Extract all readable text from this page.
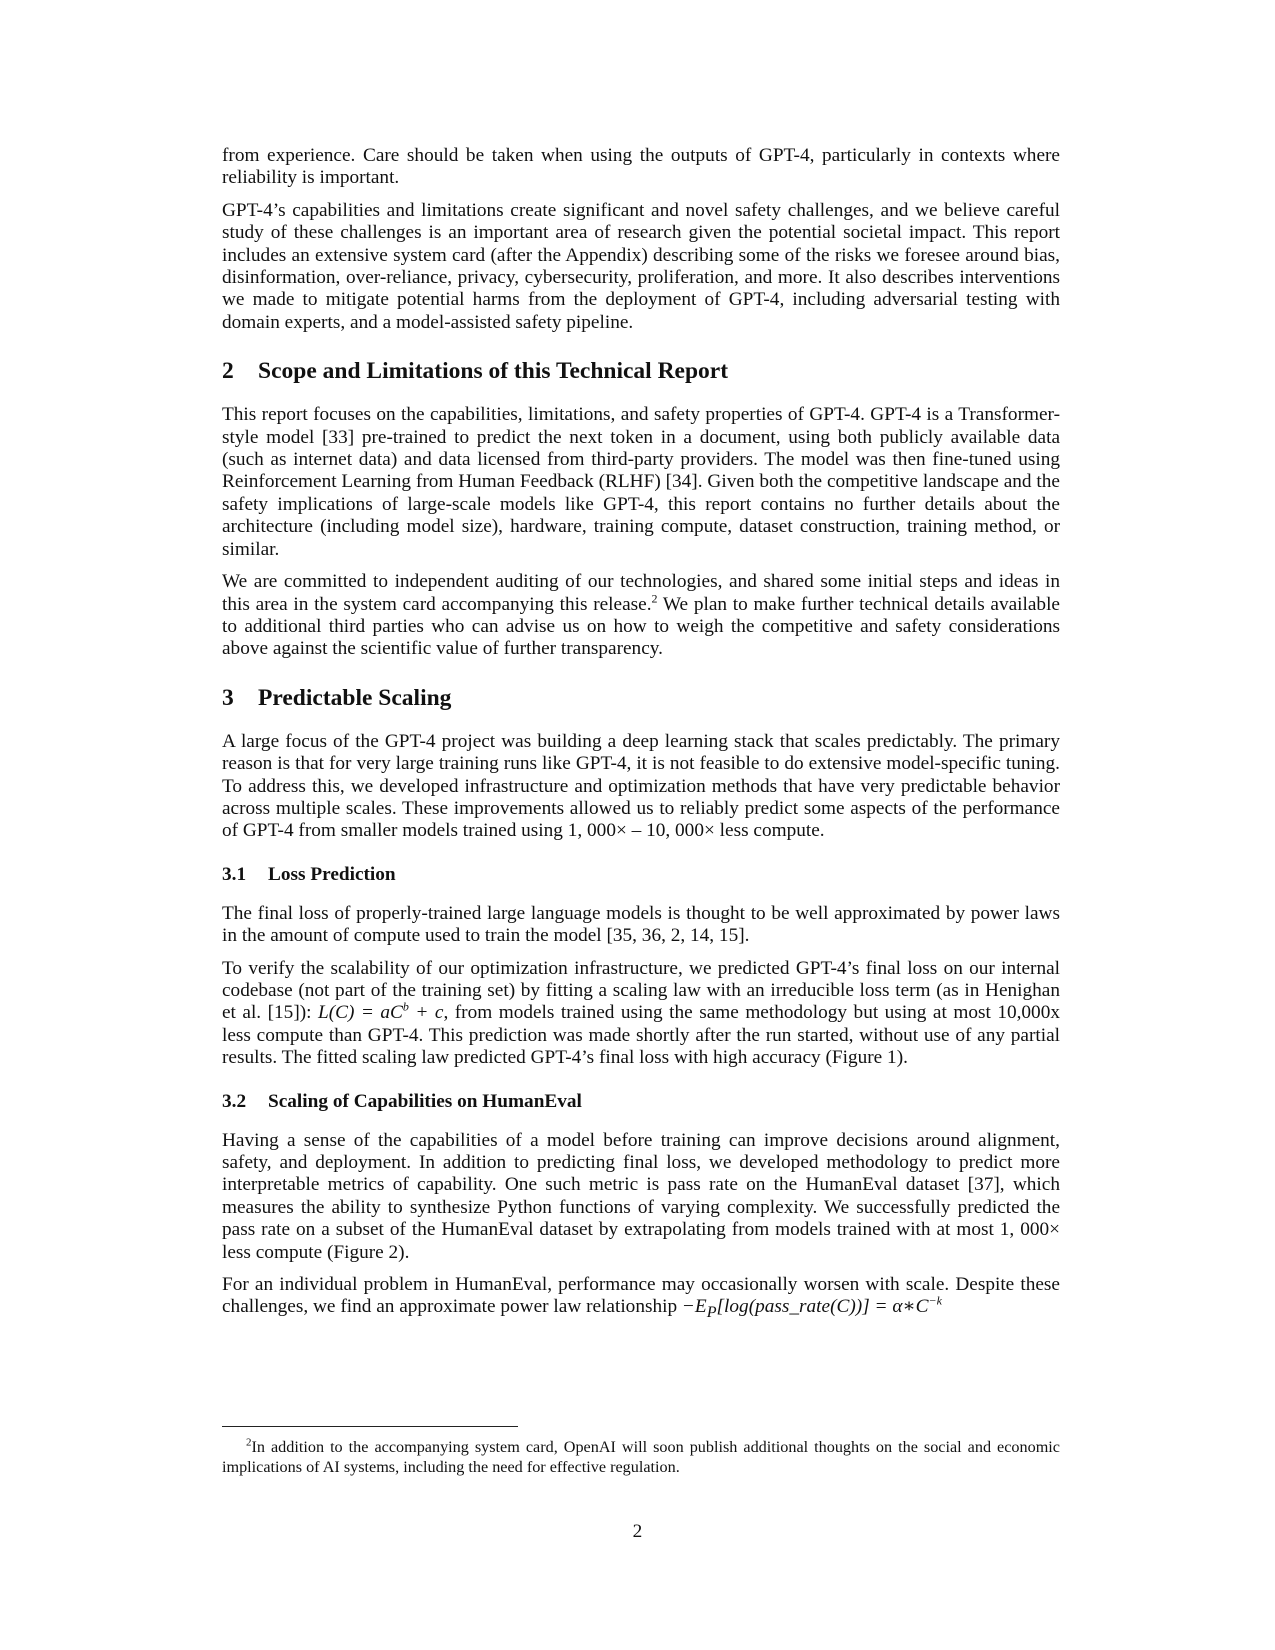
from experience. Care should be taken when using the outputs of GPT-4, particularly in contexts where reliability is important.

GPT-4’s capabilities and limitations create significant and novel safety challenges, and we believe careful study of these challenges is an important area of research given the potential societal impact. This report includes an extensive system card (after the Appendix) describing some of the risks we foresee around bias, disinformation, over-reliance, privacy, cybersecurity, proliferation, and more. It also describes interventions we made to mitigate potential harms from the deployment of GPT-4, including adversarial testing with domain experts, and a model-assisted safety pipeline.

2 Scope and Limitations of this Technical Report

This report focuses on the capabilities, limitations, and safety properties of GPT-4. GPT-4 is a Transformer-style model [33] pre-trained to predict the next token in a document, using both publicly available data (such as internet data) and data licensed from third-party providers. The model was then fine-tuned using Reinforcement Learning from Human Feedback (RLHF) [34]. Given both the competitive landscape and the safety implications of large-scale models like GPT-4, this report contains no further details about the architecture (including model size), hardware, training compute, dataset construction, training method, or similar.

We are committed to independent auditing of our technologies, and shared some initial steps and ideas in this area in the system card accompanying this release.$^2$ We plan to make further technical details available to additional third parties who can advise us on how to weigh the competitive and safety considerations above against the scientific value of further transparency.

3 Predictable Scaling

A large focus of the GPT-4 project was building a deep learning stack that scales predictably. The primary reason is that for very large training runs like GPT-4, it is not feasible to do extensive model-specific tuning. To address this, we developed infrastructure and optimization methods that have very predictable behavior across multiple scales. These improvements allowed us to reliably predict some aspects of the performance of GPT-4 from smaller models trained using 1, 000× – 10, 000× less compute.

3.1 Loss Prediction

The final loss of properly-trained large language models is thought to be well approximated by power laws in the amount of compute used to train the model [35, 36, 2, 14, 15].

To verify the scalability of our optimization infrastructure, we predicted GPT-4’s final loss on our internal codebase (not part of the training set) by fitting a scaling law with an irreducible loss term (as in Henighan et al. [15]): $L(C) = aC^b + c$, from models trained using the same methodology but using at most 10,000x less compute than GPT-4. This prediction was made shortly after the run started, without use of any partial results. The fitted scaling law predicted GPT-4’s final loss with high accuracy (Figure 1).

3.2 Scaling of Capabilities on HumanEval

Having a sense of the capabilities of a model before training can improve decisions around alignment, safety, and deployment. In addition to predicting final loss, we developed methodology to predict more interpretable metrics of capability. One such metric is pass rate on the HumanEval dataset [37], which measures the ability to synthesize Python functions of varying complexity. We successfully predicted the pass rate on a subset of the HumanEval dataset by extrapolating from models trained with at most 1, 000× less compute (Figure 2).

For an individual problem in HumanEval, performance may occasionally worsen with scale. Despite these challenges, we find an approximate power law relationship $-E_P[\log(pass\_rate(C))]$ = $\alpha∗C^{-k}$

$^2$In addition to the accompanying system card, OpenAI will soon publish additional thoughts on the social and economic implications of AI systems, including the need for effective regulation.
2
